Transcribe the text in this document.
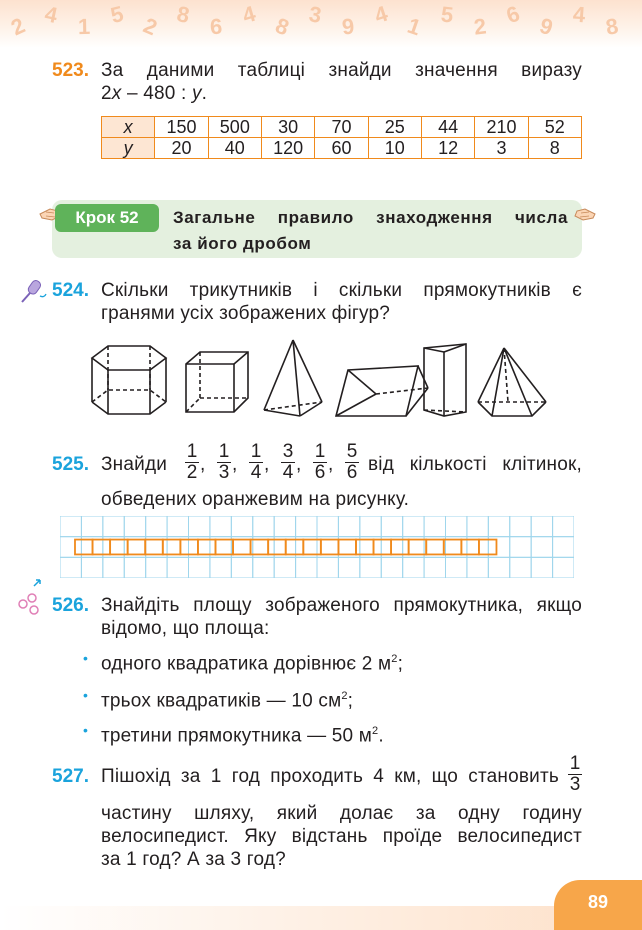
2 4 1 5 2 8 6 4 8 3 9 4 1 5 2 6 9 4 8
523. За даними таблиці знайди значення виразу
2x – 480 : y.
x	150	500	30	70	25	44	210	52
y	20	40	120	60	10	12	3	8
Крок 52	Загальне правило знаходження числа
за його дробом
524. Скільки трикутників і скільки прямокутників є
гранями усіх зображених фігур?
525. Знайди $\frac{1}{2}$ , $\frac{1}{3}$ , $\frac{1}{4}$ , $\frac{3}{4}$ , $\frac{1}{6}$ , $\frac{5}{6}$ від кількості клітинок,
обведених оранжевим на рисунку.
526. Знайдіть площу зображеного прямокутника, якщо
відомо, що площа:
• одного квадратика дорівнює 2 $м^2$;
• трьох квадратиків — 10 $см^2$;
• третини прямокутника — 50 $м^2$.
527. Пішохід за 1 год проходить 4 км, що становить $\frac{1}{3}$
частину шляху, який долає за одну годину
велосипедист. Яку відстань проїде велосипедист
за 1 год? А за 3 год?
89
